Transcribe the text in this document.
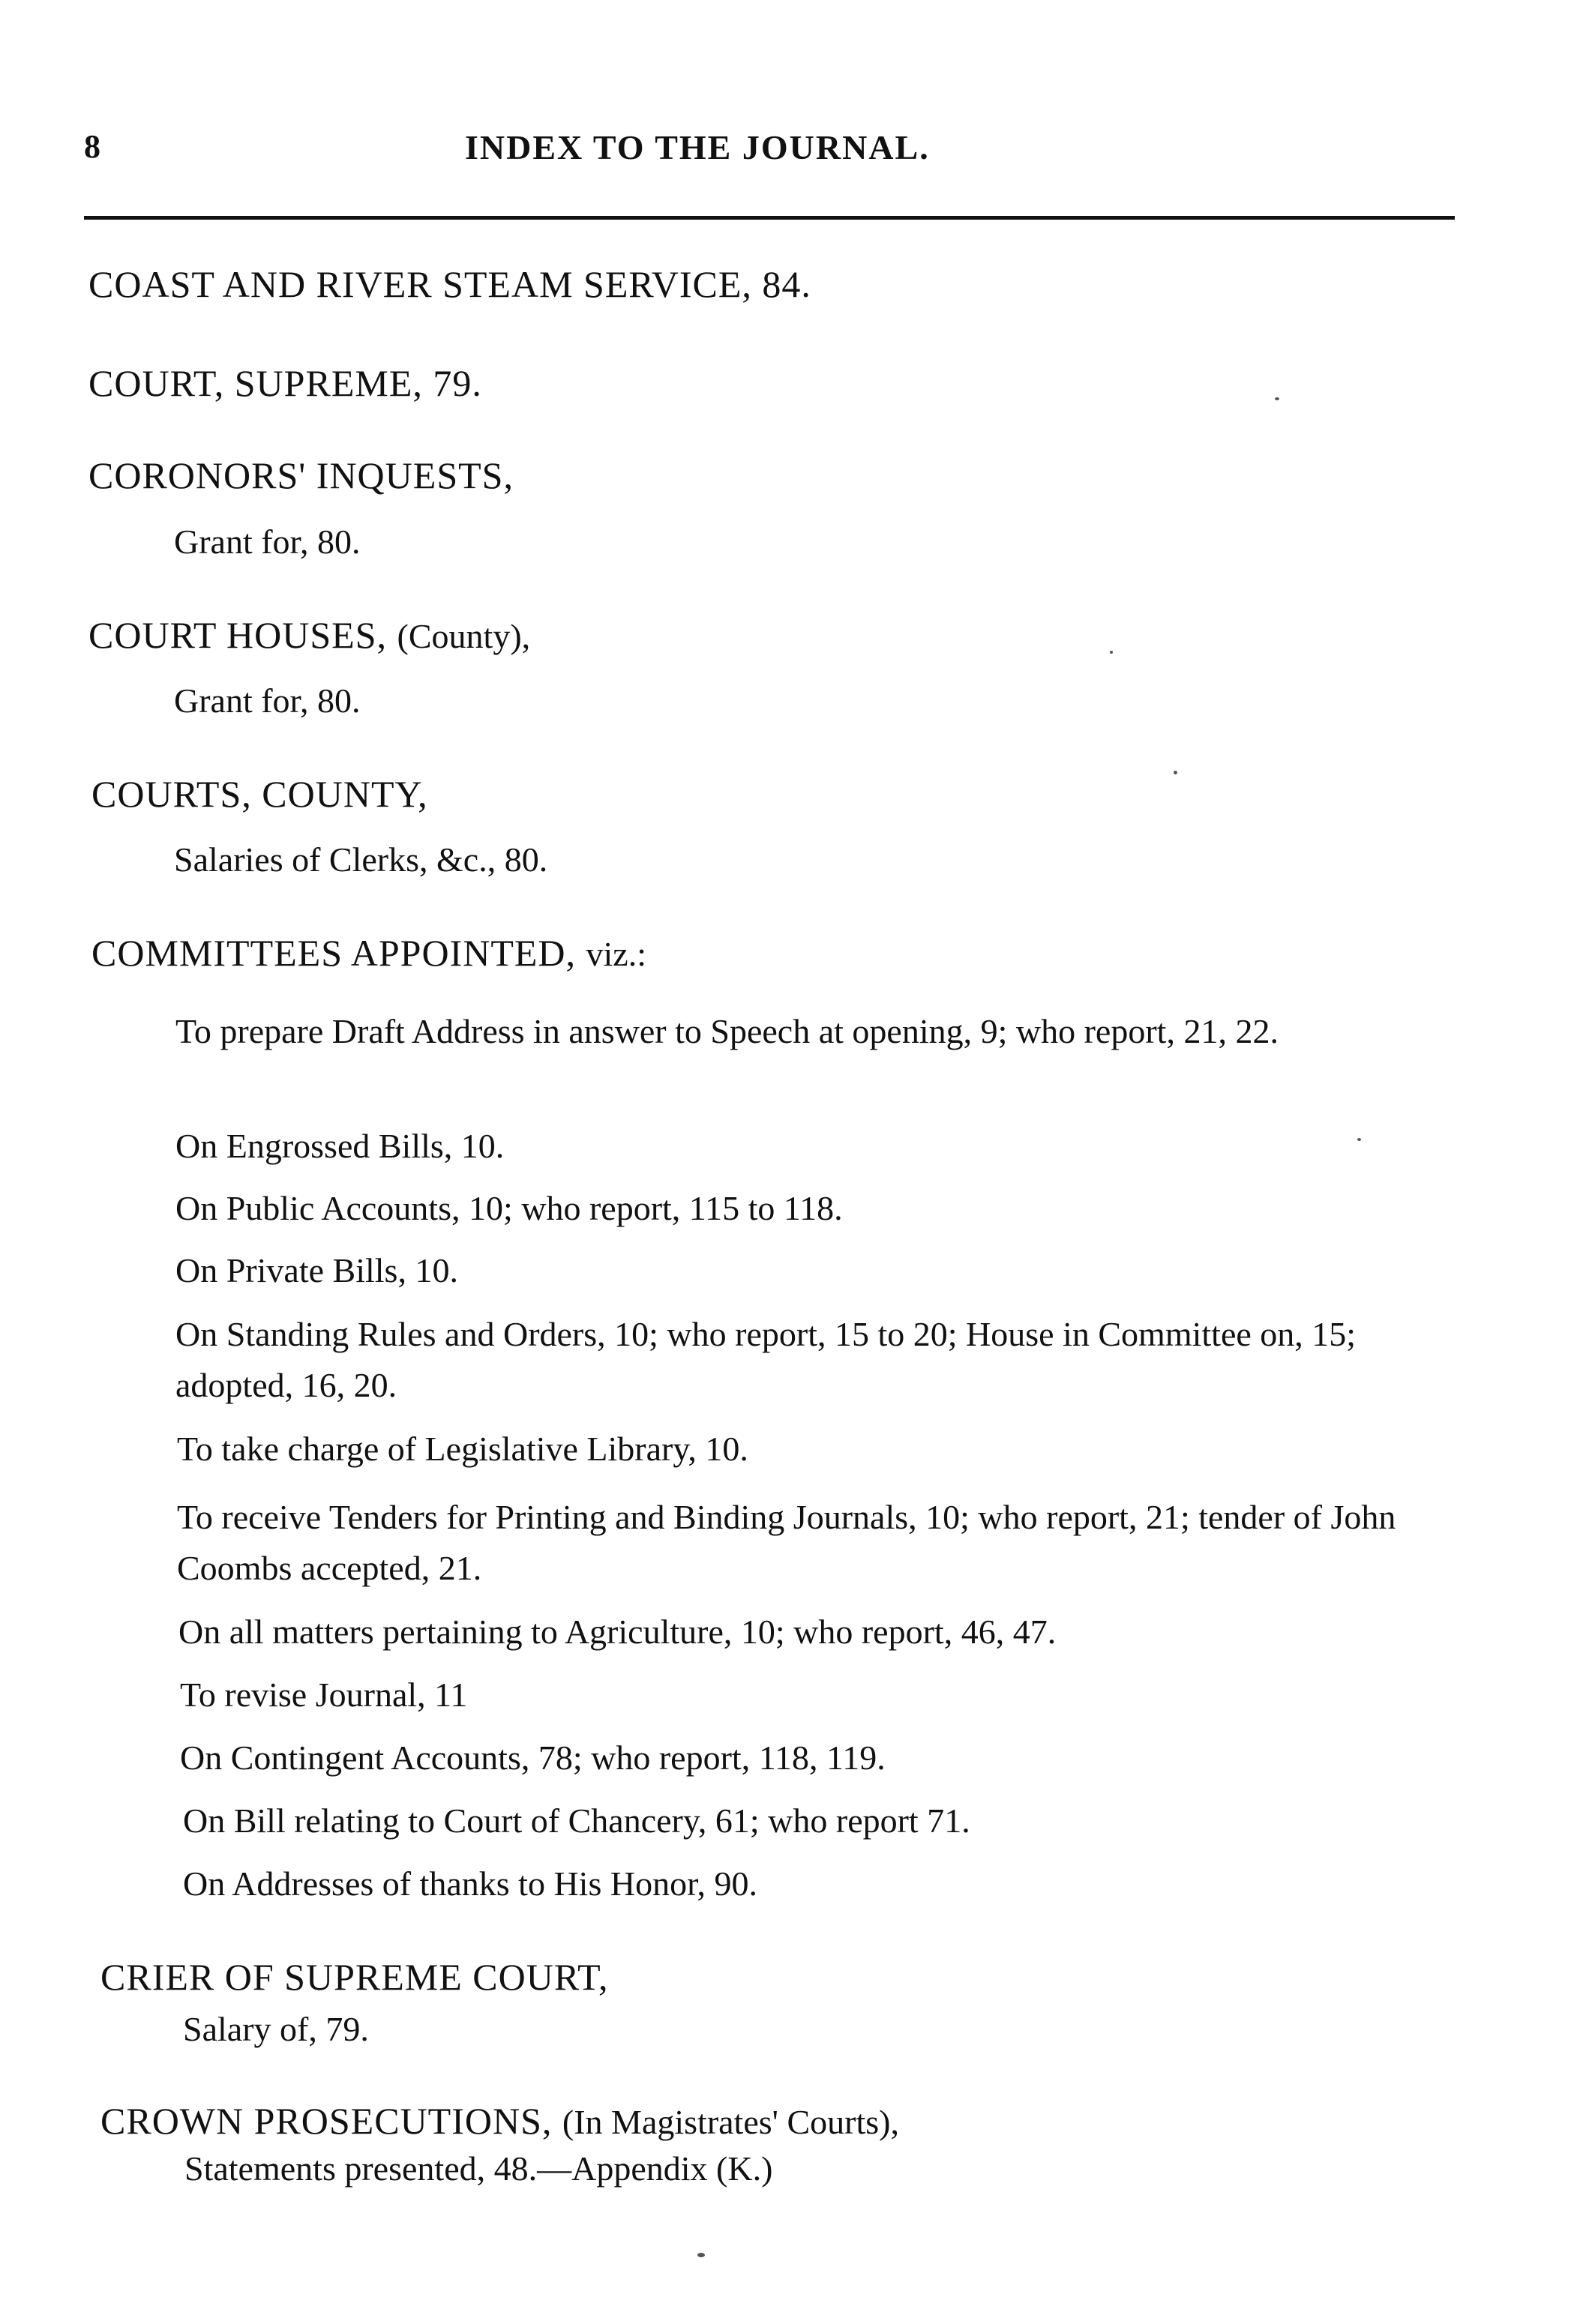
8	INDEX TO THE JOURNAL.
COAST AND RIVER STEAM SERVICE, 84.
COURT, SUPREME, 79.
CORONORS' INQUESTS,
Grant for, 80.
COURT HOUSES, (County),
Grant for, 80.
COURTS, COUNTY,
Salaries of Clerks, &c., 80.
COMMITTEES APPOINTED, viz.:
To prepare Draft Address in answer to Speech at opening, 9; who report, 21, 22.
On Engrossed Bills, 10.
On Public Accounts, 10; who report, 115 to 118.
On Private Bills, 10.
On Standing Rules and Orders, 10; who report, 15 to 20; House in Committee on, 15; adopted, 16, 20.
To take charge of Legislative Library, 10.
To receive Tenders for Printing and Binding Journals, 10; who report, 21; tender of John Coombs accepted, 21.
On all matters pertaining to Agriculture, 10; who report, 46, 47.
To revise Journal, 11
On Contingent Accounts, 78; who report, 118, 119.
On Bill relating to Court of Chancery, 61; who report 71.
On Addresses of thanks to His Honor, 90.
CRIER OF SUPREME COURT,
Salary of, 79.
CROWN PROSECUTIONS, (In Magistrates' Courts),
Statements presented, 48.—Appendix (K.)
